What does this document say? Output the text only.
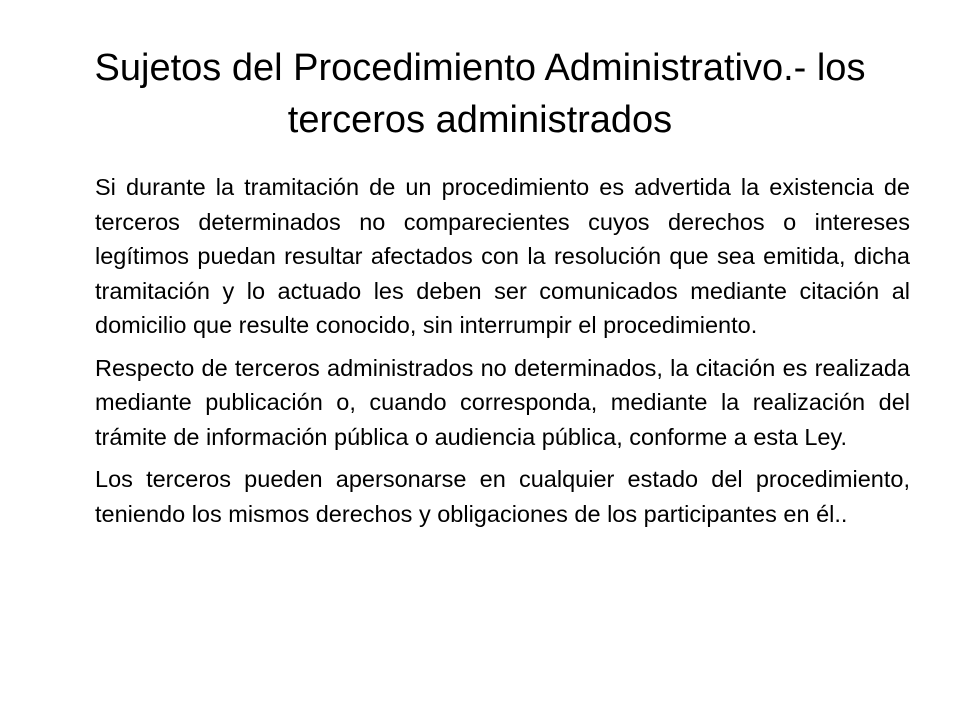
Sujetos del Procedimiento Administrativo.- los terceros administrados

Si durante la tramitación de un procedimiento es advertida la existencia de terceros determinados no comparecientes cuyos derechos o intereses legítimos puedan resultar afectados con la resolución que sea emitida, dicha tramitación y lo actuado les deben ser comunicados mediante citación al domicilio que resulte conocido, sin interrumpir el procedimiento.

Respecto de terceros administrados no determinados, la citación es realizada mediante publicación o, cuando corresponda, mediante la realización del trámite de información pública o audiencia pública, conforme a esta Ley.

Los terceros pueden apersonarse en cualquier estado del procedimiento, teniendo los mismos derechos y obligaciones de los participantes en él..
